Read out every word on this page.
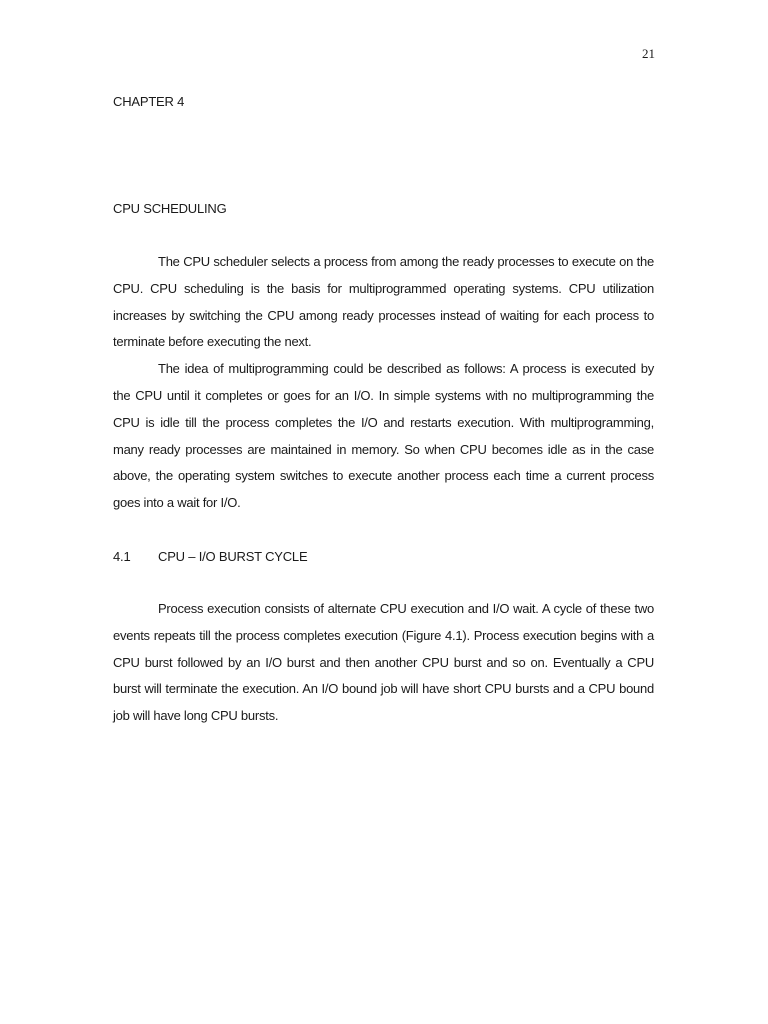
21
CHAPTER 4
CPU SCHEDULING

The CPU scheduler selects a process from among the ready processes to execute on the CPU. CPU scheduling is the basis for multiprogrammed operating systems. CPU utilization increases by switching the CPU among ready processes instead of waiting for each process to terminate before executing the next.

The idea of multiprogramming could be described as follows: A process is executed by the CPU until it completes or goes for an I/O. In simple systems with no multiprogramming the CPU is idle till the process completes the I/O and restarts execution. With multiprogramming, many ready processes are maintained in memory. So when CPU becomes idle as in the case above, the operating system switches to execute another process each time a current process goes into a wait for I/O.

4.1	CPU – I/O BURST CYCLE

Process execution consists of alternate CPU execution and I/O wait. A cycle of these two events repeats till the process completes execution (Figure 4.1). Process execution begins with a CPU burst followed by an I/O burst and then another CPU burst and so on. Eventually a CPU burst will terminate the execution. An I/O bound job will have short CPU bursts and a CPU bound job will have long CPU bursts.
